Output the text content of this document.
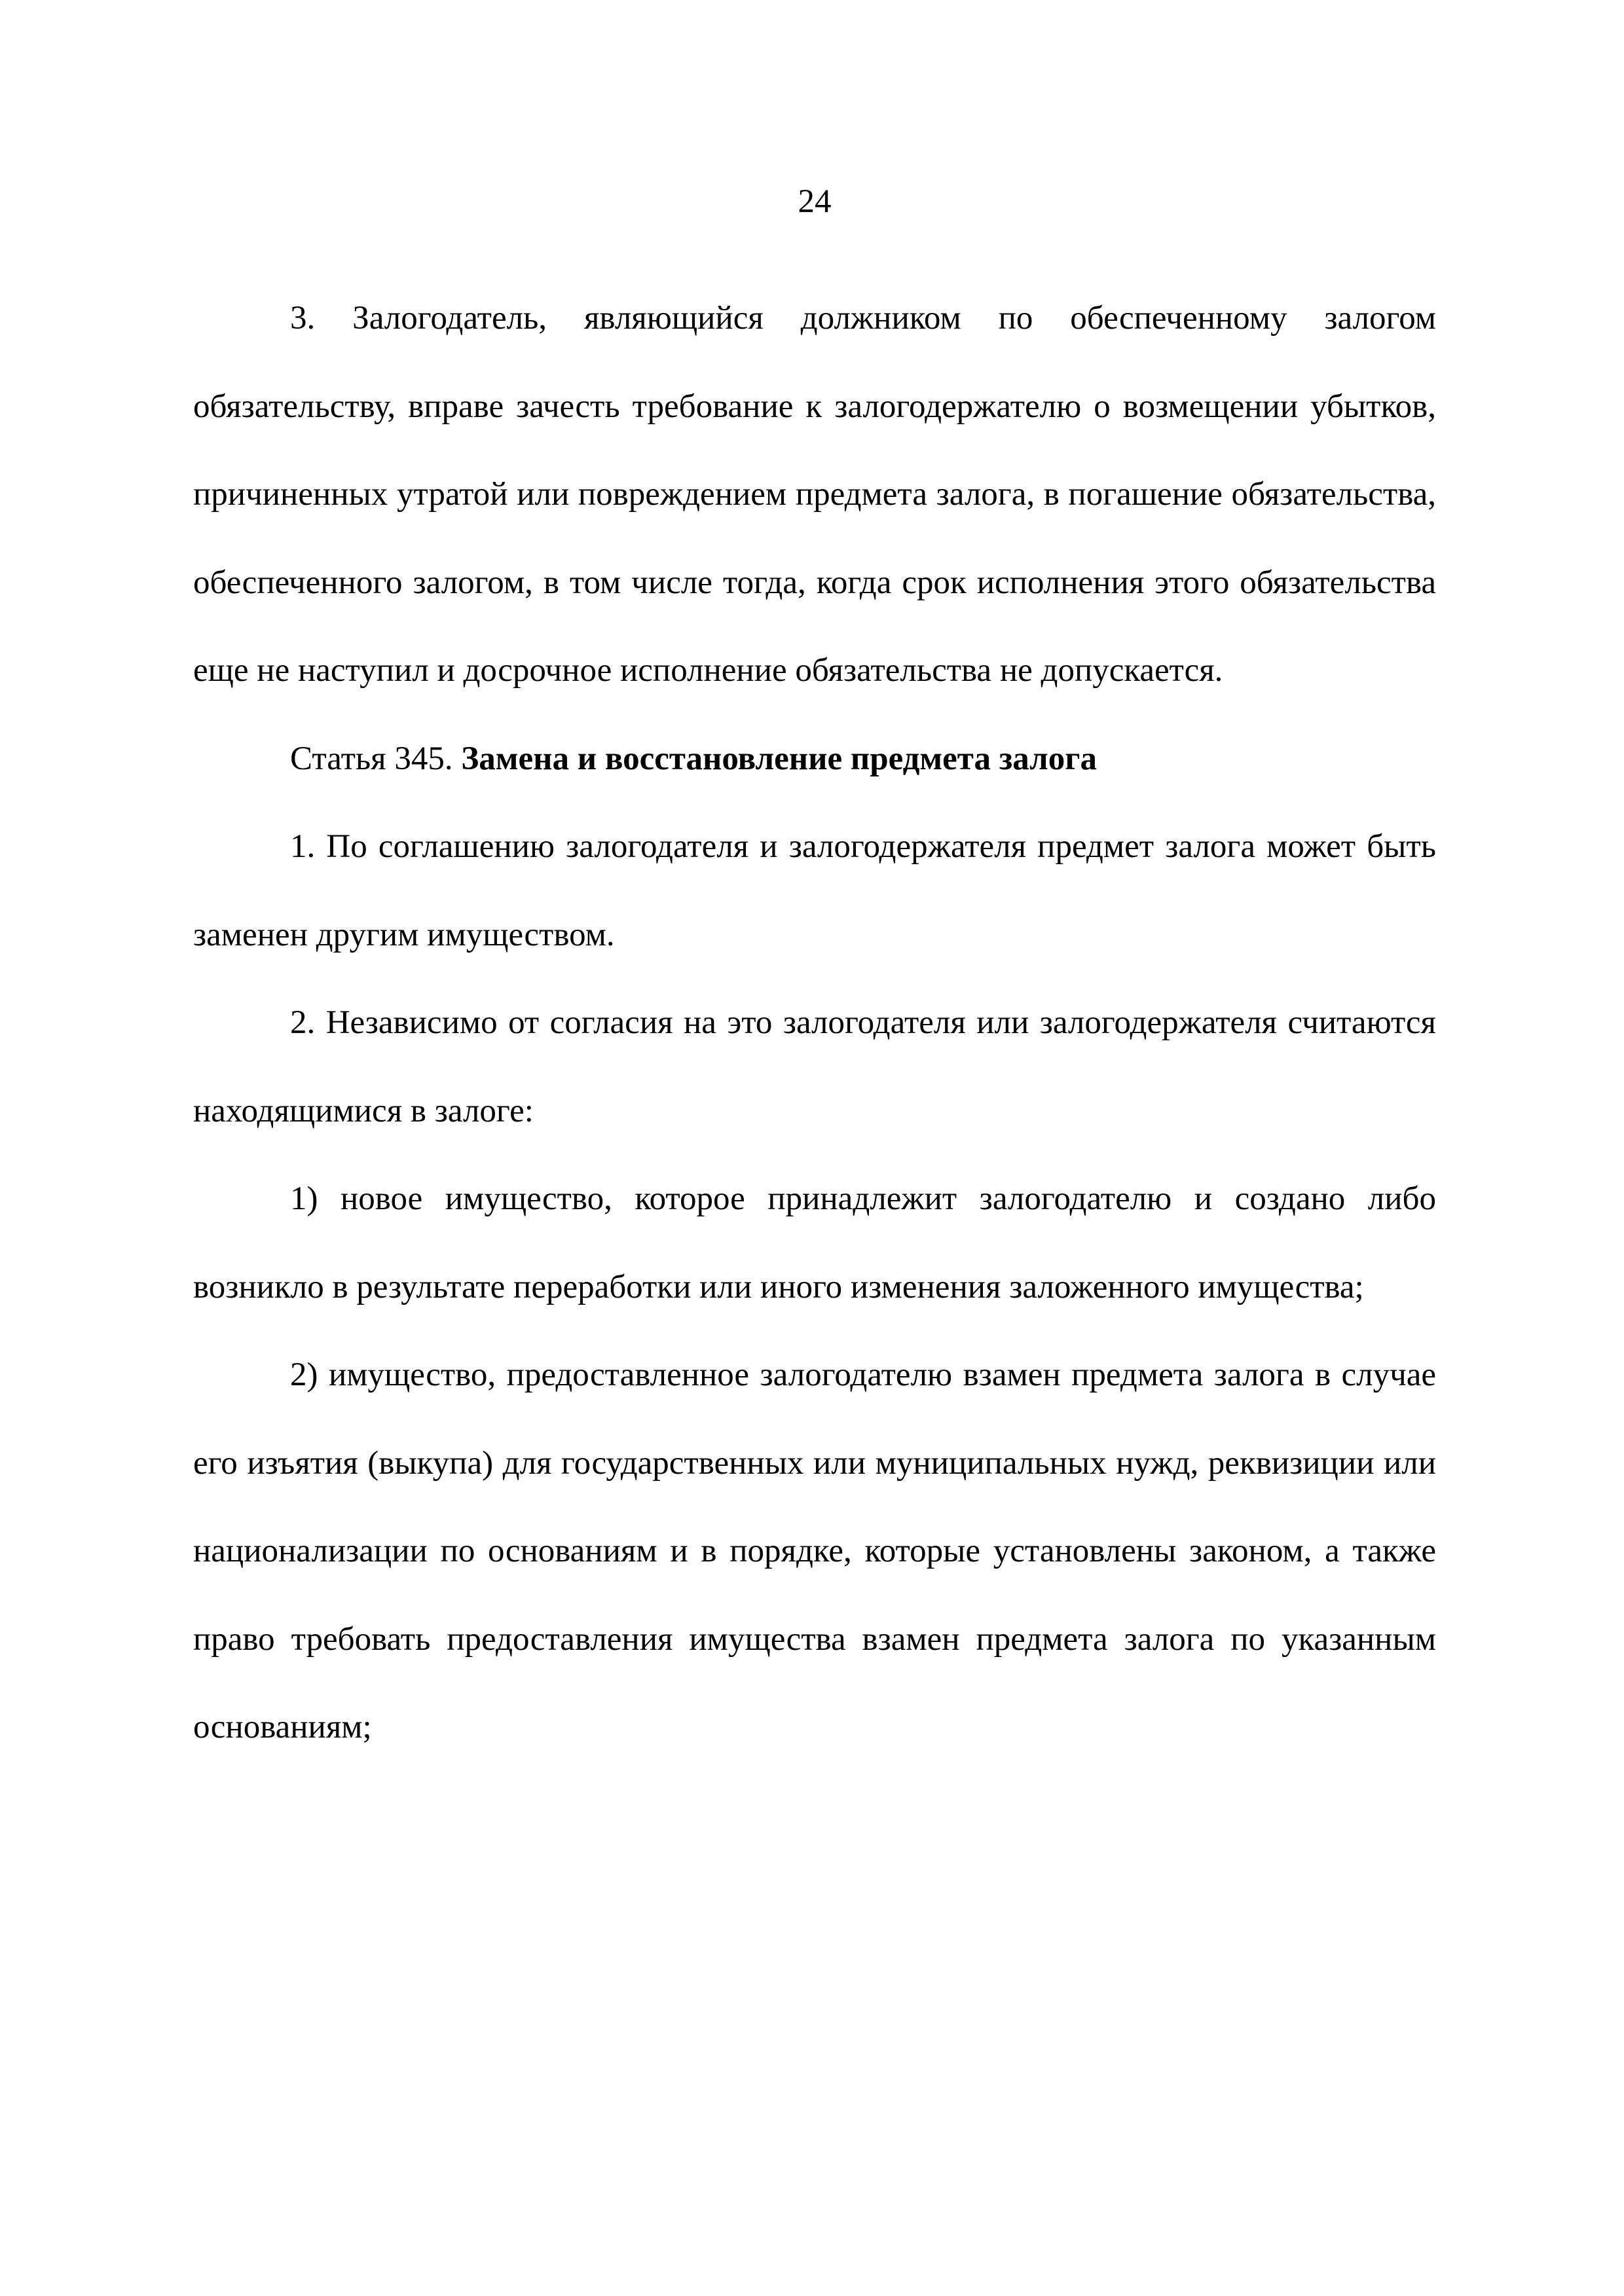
24

3. Залогодатель, являющийся должником по обеспеченному залогом обязательству, вправе зачесть требование к залогодержателю о возмещении убытков, причиненных утратой или повреждением предмета залога, в погашение обязательства, обеспеченного залогом, в том числе тогда, когда срок исполнения этого обязательства еще не наступил и досрочное исполнение обязательства не допускается.

Статья 345. Замена и восстановление предмета залога

1. По соглашению залогодателя и залогодержателя предмет залога может быть заменен другим имуществом.

2. Независимо от согласия на это залогодателя или залогодержателя считаются находящимися в залоге:

1) новое имущество, которое принадлежит залогодателю и создано либо возникло в результате переработки или иного изменения заложенного имущества;

2) имущество, предоставленное залогодателю взамен предмета залога в случае его изъятия (выкупа) для государственных или муниципальных нужд, реквизиции или национализации по основаниям и в порядке, которые установлены законом, а также право требовать предоставления имущества взамен предмета залога по указанным основаниям;
